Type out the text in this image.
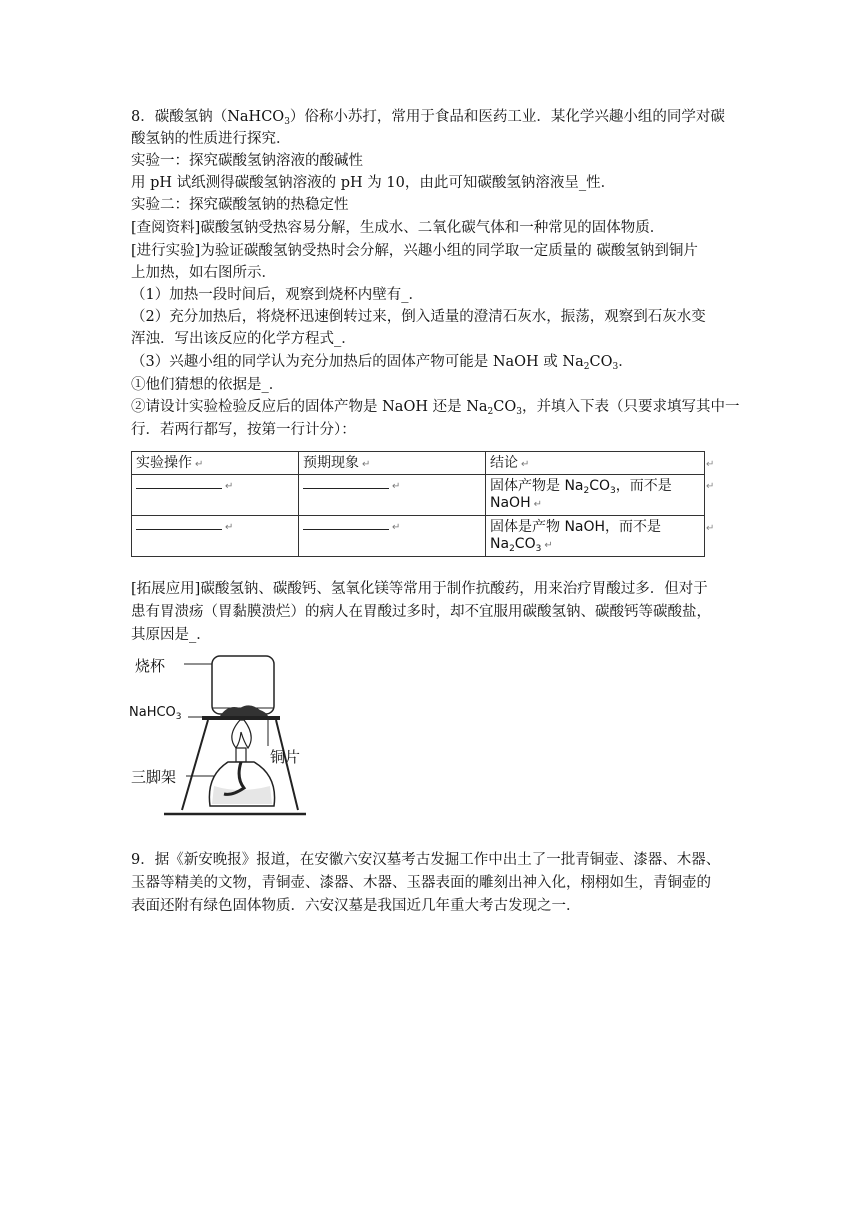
8．碳酸氢钠（NaHCO$_3$）俗称小苏打，常用于食品和医药工业．某化学兴趣小组的同学对碳
酸氢钠的性质进行探究．
实验一：探究碳酸氢钠溶液的酸碱性
用 pH 试纸测得碳酸氢钠溶液的 pH 为 10，由此可知碳酸氢钠溶液呈_性．
实验二：探究碳酸氢钠的热稳定性
[查阅资料]碳酸氢钠受热容易分解，生成水、二氧化碳气体和一种常见的固体物质．
[进行实验]为验证碳酸氢钠受热时会分解，兴趣小组的同学取一定质量的 碳酸氢钠到铜片
上加热，如右图所示．
（1）加热一段时间后，观察到烧杯内壁有_．
（2）充分加热后，将烧杯迅速倒转过来，倒入适量的澄清石灰水，振荡，观察到石灰水变
浑浊．写出该反应的化学方程式_．
（3）兴趣小组的同学认为充分加热后的固体产物可能是 NaOH 或 $Na_2CO_3$．
①他们猜想的依据是_．
②请设计实验检验反应后的固体产物是 NaOH 还是 $Na_2CO_3$，并填入下表（只要求填写其中一
行．若两行都写，按第一行计分）：
实验操作 ↵	预期现象 ↵	结论 ↵
↵	↵	固体产物是 $Na_2CO_3$，而不是
NaOH ↵
↵	↵	固体是产物 NaOH，而不是
$Na_2CO_3$ ↵
↵
↵
↵
[拓展应用]碳酸氢钠、碳酸钙、氢氧化镁等常用于制作抗酸药，用来治疗胃酸过多．但对于
患有胃溃疡（胃黏膜溃烂）的病人在胃酸过多时，却不宜服用碳酸氢钠、碳酸钙等碳酸盐，
其原因是_．
烧杯
NaHCO$_3$
铜片
三脚架
9．据《新安晚报》报道，在安徽六安汉墓考古发掘工作中出土了一批青铜壶、漆器、木器、
玉器等精美的文物，青铜壶、漆器、木器、玉器表面的雕刻出神入化，栩栩如生，青铜壶的
表面还附有绿色固体物质．六安汉墓是我国近几年重大考古发现之一．
